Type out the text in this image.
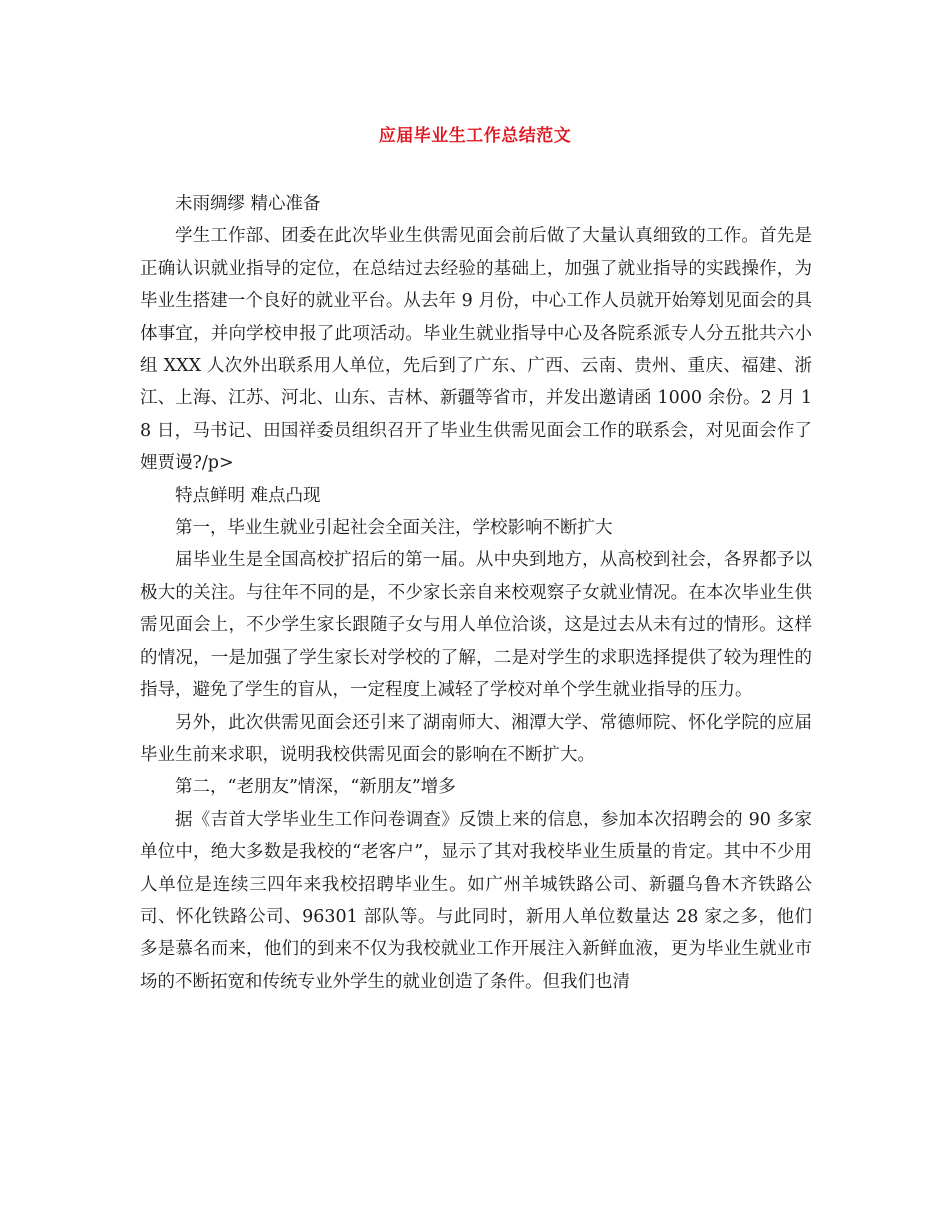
应届毕业生工作总结范文

未雨绸缪 精心准备

学生工作部、团委在此次毕业生供需见面会前后做了大量认真细致的工作。首先是正确认识就业指导的定位，在总结过去经验的基础上，加强了就业指导的实践操作，为毕业生搭建一个良好的就业平台。从去年 9 月份，中心工作人员就开始筹划见面会的具体事宜，并向学校申报了此项活动。毕业生就业指导中心及各院系派专人分五批共六小组 XXX 人次外出联系用人单位，先后到了广东、广西、云南、贵州、重庆、福建、浙江、上海、江苏、河北、山东、吉林、新疆等省市，并发出邀请函 1000 余份。2 月 18 日，马书记、田国祥委员组织召开了毕业生供需见面会工作的联系会，对见面会作了娌贾谩?/p>

特点鲜明 难点凸现

第一，毕业生就业引起社会全面关注，学校影响不断扩大

届毕业生是全国高校扩招后的第一届。从中央到地方，从高校到社会，各界都予以极大的关注。与往年不同的是，不少家长亲自来校观察子女就业情况。在本次毕业生供需见面会上，不少学生家长跟随子女与用人单位洽谈，这是过去从未有过的情形。这样的情况，一是加强了学生家长对学校的了解，二是对学生的求职选择提供了较为理性的指导，避免了学生的盲从，一定程度上减轻了学校对单个学生就业指导的压力。

另外，此次供需见面会还引来了湖南师大、湘潭大学、常德师院、怀化学院的应届毕业生前来求职，说明我校供需见面会的影响在不断扩大。

第二，“老朋友”情深，“新朋友”增多

据《吉首大学毕业生工作问卷调查》反馈上来的信息，参加本次招聘会的 90 多家单位中，绝大多数是我校的“老客户”，显示了其对我校毕业生质量的肯定。其中不少用人单位是连续三四年来我校招聘毕业生。如广州羊城铁路公司、新疆乌鲁木齐铁路公司、怀化铁路公司、96301 部队等。与此同时，新用人单位数量达 28 家之多，他们多是慕名而来，他们的到来不仅为我校就业工作开展注入新鲜血液，更为毕业生就业市场的不断拓宽和传统专业外学生的就业创造了条件。但我们也清
